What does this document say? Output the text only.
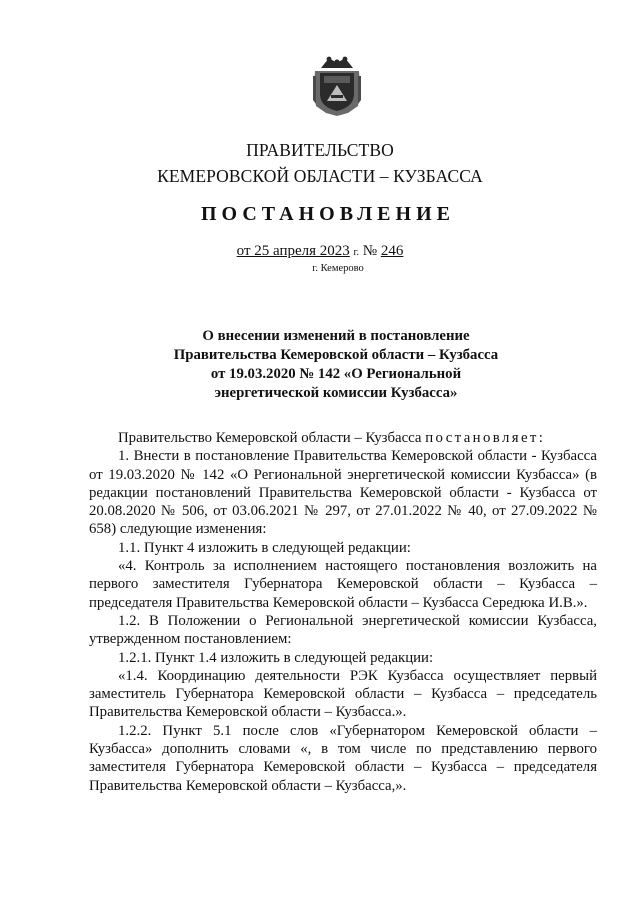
ПРАВИТЕЛЬСТВО
КЕМЕРОВСКОЙ ОБЛАСТИ – КУЗБАССА
ПОСТАНОВЛЕНИЕ
от 25 апреля 2023 г. № 246
г. Кемерово
О внесении изменений в постановление
Правительства Кемеровской области – Кузбасса
от 19.03.2020 № 142 «О Региональной
энергетической комиссии Кузбасса»

Правительство Кемеровской области – Кузбасса постановляет:

1. Внести в постановление Правительства Кемеровской области - Кузбасса от 19.03.2020 № 142 «О Региональной энергетической комиссии Кузбасса» (в редакции постановлений Правительства Кемеровской области - Кузбасса от 20.08.2020 № 506, от 03.06.2021 № 297, от 27.01.2022 № 40, от 27.09.2022 № 658) следующие изменения:

1.1. Пункт 4 изложить в следующей редакции:

«4. Контроль за исполнением настоящего постановления возложить на первого заместителя Губернатора Кемеровской области – Кузбасса – председателя Правительства Кемеровской области – Кузбасса Середюка И.В.».

1.2. В Положении о Региональной энергетической комиссии Кузбасса, утвержденном постановлением:

1.2.1. Пункт 1.4 изложить в следующей редакции:

«1.4. Координацию деятельности РЭК Кузбасса осуществляет первый заместитель Губернатора Кемеровской области – Кузбасса – председатель Правительства Кемеровской области – Кузбасса.».

1.2.2. Пункт 5.1 после слов «Губернатором Кемеровской области – Кузбасса» дополнить словами «, в том числе по представлению первого заместителя Губернатора Кемеровской области – Кузбасса – председателя Правительства Кемеровской области – Кузбасса,».
